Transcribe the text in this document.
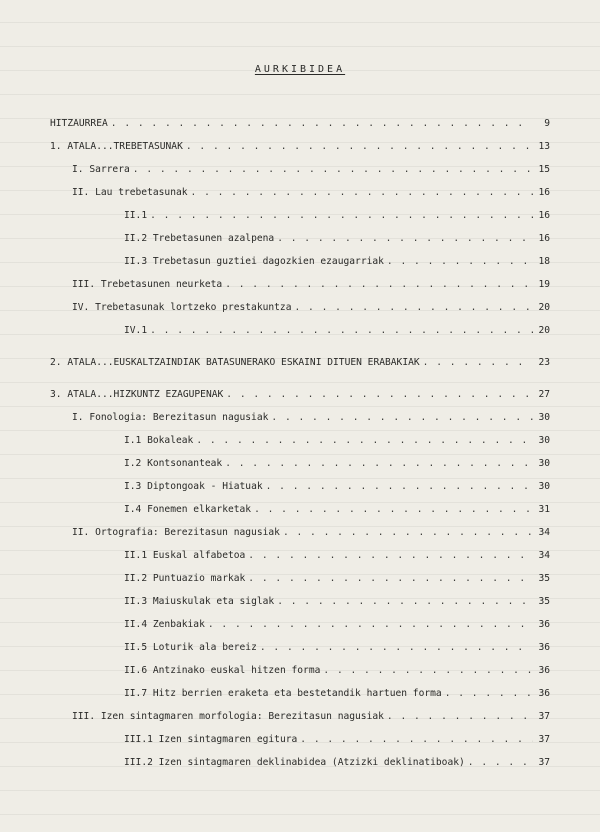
AURKIBIDEA
HITZAURREA . . .	9
1. ATALA...TREBETASUNAK . . .	13
I. Sarrera . . .	15
II. Lau trebetasunak . . .	16
II.1 . . .	16
II.2 Trebetasunen azalpena . . .	16
II.3 Trebetasun guztiei dagozkien ezaugarriak . . .	18
III. Trebetasunen neurketa . . .	19
IV. Trebetasunak lortzeko prestakuntza . . .	20
IV.1 . . .	20
2. ATALA...EUSKALTZAINDIAK BATASUNERAKO ESKAINI DITUEN ERABAKIAK . . .	23
3. ATALA...HIZKUNTZ EZAGUPENAK . . .	27
I. Fonologia: Berezitasun nagusiak . . .	30
I.1 Bokaleak . . .	30
I.2 Kontsonanteak . . .	30
I.3 Diptongoak - Hiatuak . . .	30
I.4 Fonemen elkarketak . . .	31
II. Ortografia: Berezitasun nagusiak . . .	34
II.1 Euskal alfabetoa . . .	34
II.2 Puntuazio markak . . .	35
II.3 Maiuskulak eta siglak . . .	35
II.4 Zenbakiak . . .	36
II.5 Loturik ala bereiz . . .	36
II.6 Antzinako euskal hitzen forma . . .	36
II.7 Hitz berrien eraketa eta bestetandik hartuen forma . . .	36
III. Izen sintagmaren morfologia: Berezitasun nagusiak . . .	37
III.1 Izen sintagmaren egitura . . .	37
III.2 Izen sintagmaren deklinabidea (Atzizki deklinatiboak) . . .	37
